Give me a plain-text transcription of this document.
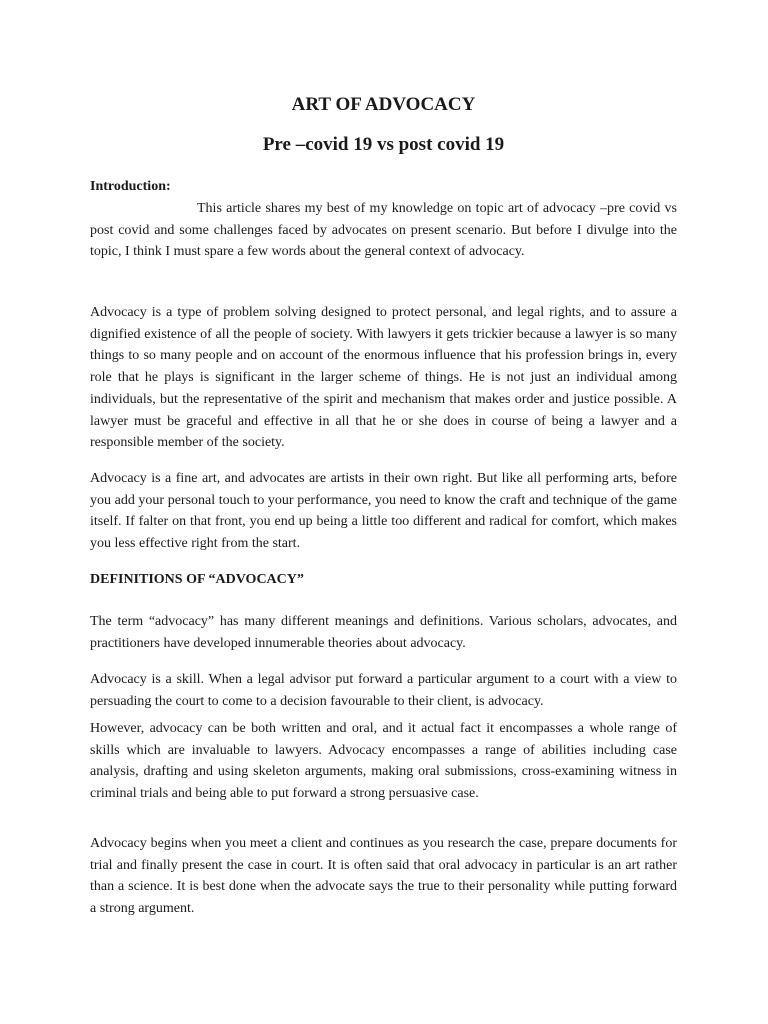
ART OF ADVOCACY
Pre –covid 19 vs post covid 19

Introduction:

This article shares my best of my knowledge on topic art of advocacy –pre covid vs post covid and some challenges faced by advocates on present scenario. But before I divulge into the topic, I think I must spare a few words about the general context of advocacy.

Advocacy is a type of problem solving designed to protect personal, and legal rights, and to assure a dignified existence of all the people of society. With lawyers it gets trickier because a lawyer is so many things to so many people and on account of the enormous influence that his profession brings in, every role that he plays is significant in the larger scheme of things. He is not just an individual among individuals, but the representative of the spirit and mechanism that makes order and justice possible. A lawyer must be graceful and effective in all that he or she does in course of being a lawyer and a responsible member of the society.

Advocacy is a fine art, and advocates are artists in their own right. But like all performing arts, before you add your personal touch to your performance, you need to know the craft and technique of the game itself. If falter on that front, you end up being a little too different and radical for comfort, which makes you less effective right from the start.

DEFINITIONS OF “ADVOCACY”

The term “advocacy” has many different meanings and definitions. Various scholars, advocates, and practitioners have developed innumerable theories about advocacy.

Advocacy is a skill. When a legal advisor put forward a particular argument to a court with a view to persuading the court to come to a decision favourable to their client, is advocacy.

However, advocacy can be both written and oral, and it actual fact it encompasses a whole range of skills which are invaluable to lawyers. Advocacy encompasses a range of abilities including case analysis, drafting and using skeleton arguments, making oral submissions, cross-examining witness in criminal trials and being able to put forward a strong persuasive case.

Advocacy begins when you meet a client and continues as you research the case, prepare documents for trial and finally present the case in court. It is often said that oral advocacy in particular is an art rather than a science. It is best done when the advocate says the true to their personality while putting forward a strong argument.
